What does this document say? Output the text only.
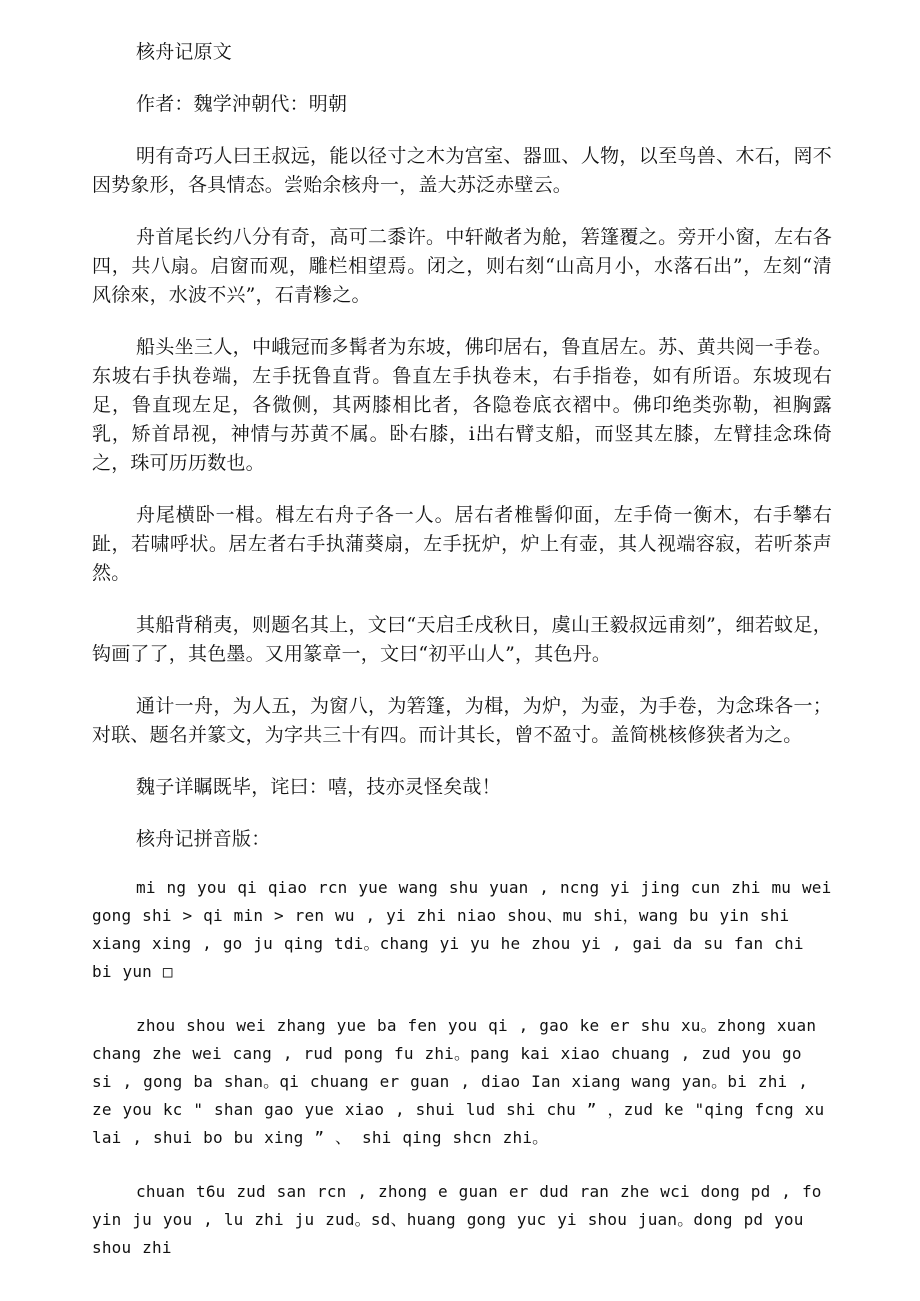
核舟记原文

作者：魏学沖朝代：明朝

明有奇巧人曰王叔远，能以径寸之木为宫室、器皿、人物，以至鸟兽、木石，罔不因势象形，各具情态。尝贻余核舟一，盖大苏泛赤壁云。

舟首尾长约八分有奇，高可二黍许。中轩敞者为舱，箬篷覆之。旁开小窗，左右各四，共八扇。启窗而观，雕栏相望焉。闭之，则右刻“山高月小，水落石出”，左刻“清风徐來，水波不兴”，石青糁之。

船头坐三人，中峨冠而多髯者为东坡，佛印居右，鲁直居左。苏、黄共阅一手卷。东坡右手执卷端，左手抚鲁直背。鲁直左手执卷末，右手指卷，如有所语。东坡现右足，鲁直现左足，各微侧，其两膝相比者，各隐卷底衣褶中。佛印绝类弥勒，袒胸露乳，矫首昂视，神情与苏黄不属。卧右膝，i出右臂支船，而竖其左膝，左臂挂念珠倚之，珠可历历数也。

舟尾横卧一楫。楫左右舟子各一人。居右者椎髻仰面，左手倚一衡木，右手攀右趾，若啸呼状。居左者右手执蒲葵扇，左手抚炉，炉上有壶，其人视端容寂，若听茶声然。

其船背稍夷，则题名其上，文曰“天启壬戌秋日，虞山王毅叔远甫刻”，细若蚊足，钩画了了，其色墨。又用篆章一，文曰“初平山人”，其色丹。

通计一舟，为人五，为窗八，为箬篷，为楫，为炉，为壶，为手卷，为念珠各一；对联、题名并篆文，为字共三十有四。而计其长，曾不盈寸。盖简桃核修狭者为之。

魏子详瞩既毕，诧曰：嘻，技亦灵怪矣哉！

核舟记拼音版：

mi ng you qi qiao rcn yue wang shu yuan , ncng yi jing cun zhi mu wei gong shi > qi min > ren wu , yi zhi niao shou、mu shi，wang bu yin shi xiang xing , go ju qing tdi。chang yi yu he zhou yi , gai da su fan chi bi yun □

zhou shou wei zhang yue ba fen you qi , gao ke er shu xu。zhong xuan chang zhe wei cang , rud pong fu zhi。pang kai xiao chuang , zud you go si , gong ba shan。qi chuang er guan , diao Ian xiang wang yan。bi zhi , ze you kc " shan gao yue xiao , shui lud shi chu ” ，zud ke "qing fcng xu lai , shui bo bu xing ” 、 shi qing shcn zhi。

chuan t6u zud san rcn , zhong e guan er dud ran zhe wci dong pd , fo yin ju you , lu zhi ju zud。sd、huang gong yuc yi shou juan。dong pd you shou zhi
